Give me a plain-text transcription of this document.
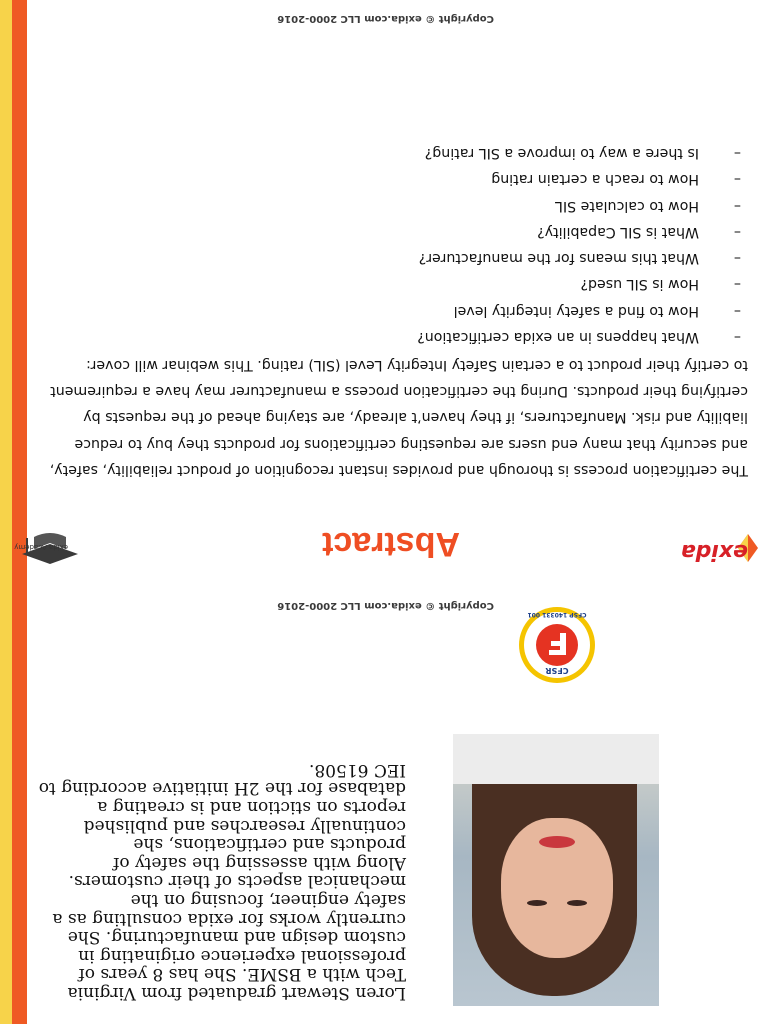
CFSR
CFSP 140331 001

Loren Stewart graduated from Virginia Tech with a BSME. She has 8 years of professional experience originating in custom design and manufacturing. She currently works for exida consulting as a safety engineer, focusing on the mechanical aspects of their customers. Along with assessing the safety of products and certifications, she continually researches and published reports on stiction and is creating a database for the 2H initiative according to IEC 61508.

Copyright © exida.com LLC 2000-2016
exida
exida Academy	Abstract

The certification process is thorough and provides instant recognition of product reliability, safety, and security that many end users are requesting certifications for products they buy to reduce liability and risk. Manufacturers, if they haven’t already, are staying ahead of the requests by certifying their products. During the certification process a manufacturer may have a requirement to certify their product to a certain Safety Integrity Level (SIL) rating. This webinar will cover:

–
What happens in an exida certification?
–
How to find a safety integrity level
–
How is SIL used?
–
What this means for the manufacturer?
–
What is SIL Capability?
–
How to calculate SIL
–
How to reach a certain rating
–
Is there a way to improve a SIL rating?
Copyright © exida.com LLC 2000-2016
